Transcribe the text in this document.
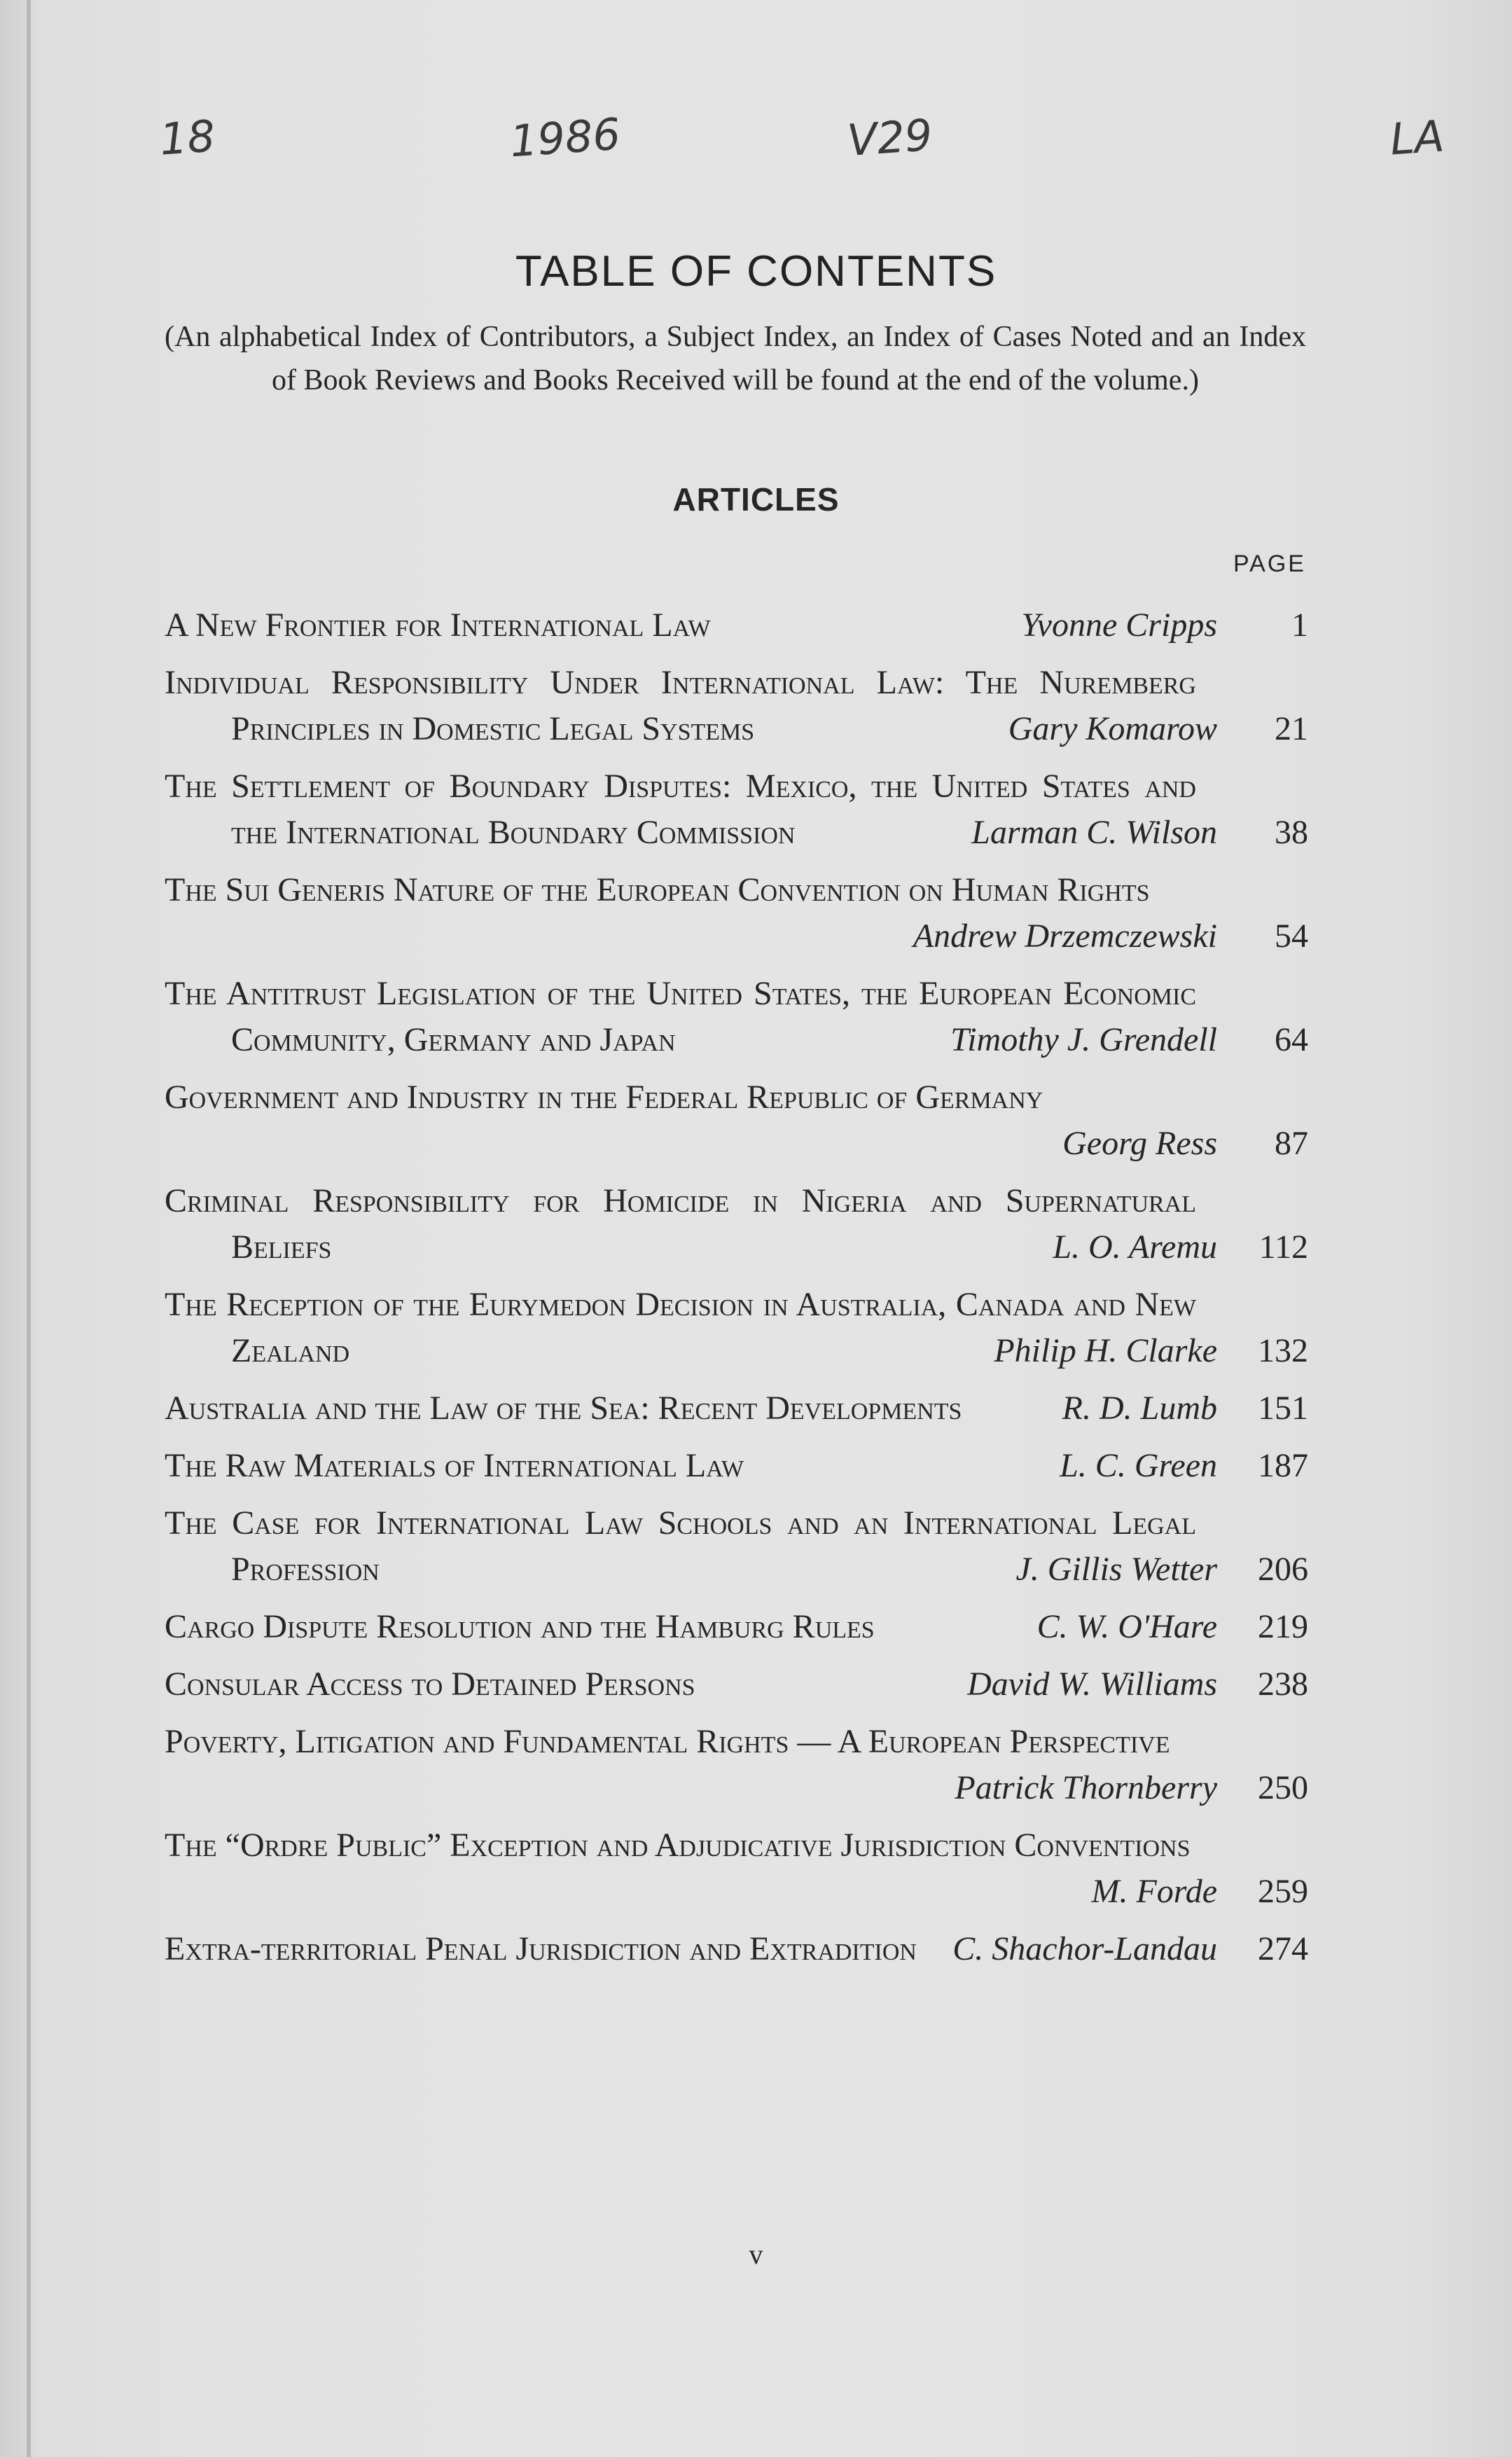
18	1986	V29	LA
TABLE OF CONTENTS
(An alphabetical Index of Contributors, a Subject Index, an Index of Cases Noted and an Index of Book Reviews and Books Received will be found at the end of the volume.)
ARTICLES
PAGE
A New Frontier for International Law	Yvonne Cripps	1
Individual Responsibility Under International Law: The Nuremberg Principles in Domestic Legal Systems	Gary Komarow	21
The Settlement of Boundary Disputes: Mexico, the United States and the International Boundary Commission	Larman C. Wilson	38
The Sui Generis Nature of the European Convention on Human Rights
Andrew Drzemczewski	54
The Antitrust Legislation of the United States, the European Economic Community, Germany and Japan	Timothy J. Grendell	64
Government and Industry in the Federal Republic of Germany
Georg Ress	87
Criminal Responsibility for Homicide in Nigeria and Supernatural Beliefs	L. O. Aremu	112
The Reception of the Eurymedon Decision in Australia, Canada and New Zealand	Philip H. Clarke	132
Australia and the Law of the Sea: Recent Developments	R. D. Lumb	151
The Raw Materials of International Law	L. C. Green	187
The Case for International Law Schools and an International Legal Profession	J. Gillis Wetter	206
Cargo Dispute Resolution and the Hamburg Rules	C. W. O'Hare	219
Consular Access to Detained Persons	David W. Williams	238
Poverty, Litigation and Fundamental Rights — A European Perspective
Patrick Thornberry	250
The “Ordre Public” Exception and Adjudicative Jurisdiction Conventions
M. Forde	259
Extra-territorial Penal Jurisdiction and Extradition	C. Shachor-Landau	274
v
